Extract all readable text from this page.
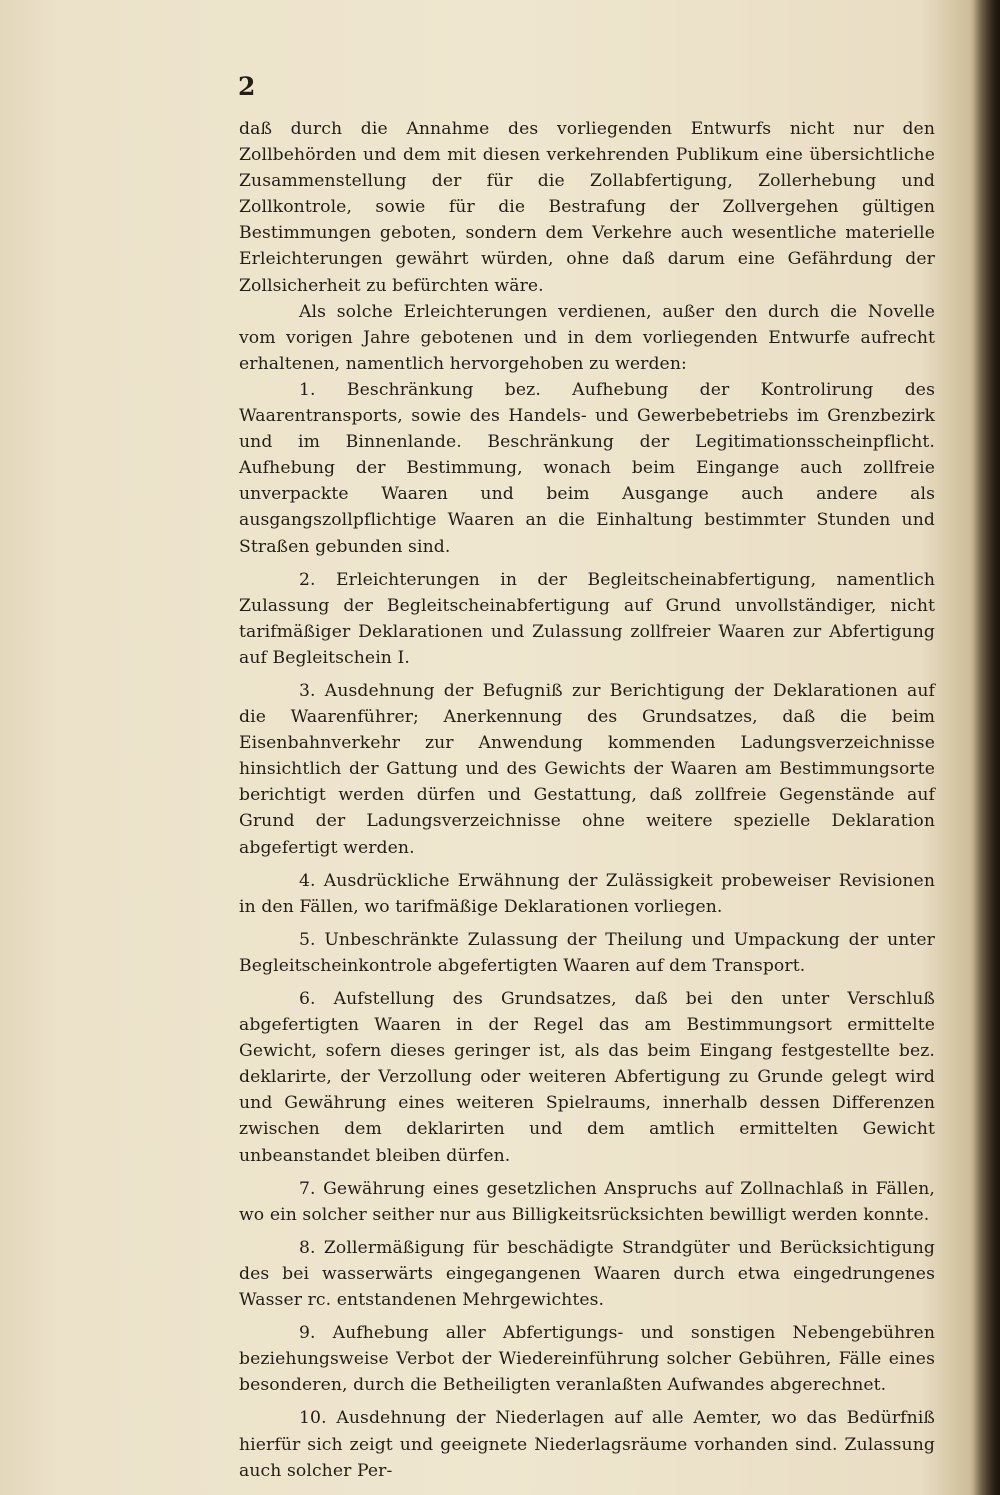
2

daß durch die Annahme des vorliegenden Entwurfs nicht nur den Zollbehörden und dem mit diesen verkehrenden Publikum eine übersichtliche Zusammenstellung der für die Zollabfertigung, Zollerhebung und Zollkontrole, sowie für die Bestrafung der Zollvergehen gültigen Bestimmungen geboten, sondern dem Verkehre auch wesentliche materielle Erleichterungen gewährt würden, ohne daß darum eine Gefährdung der Zollsicherheit zu befürchten wäre.

Als solche Erleichterungen verdienen, außer den durch die Novelle vom vorigen Jahre gebotenen und in dem vorliegenden Entwurfe aufrecht erhaltenen, namentlich hervorgehoben zu werden:

1. Beschränkung bez. Aufhebung der Kontrolirung des Waarentransports, sowie des Handels- und Gewerbebetriebs im Grenzbezirk und im Binnenlande. Beschränkung der Legitimationsscheinpflicht. Aufhebung der Bestimmung, wonach beim Eingange auch zollfreie unverpackte Waaren und beim Ausgange auch andere als ausgangszollpflichtige Waaren an die Einhaltung bestimmter Stunden und Straßen gebunden sind.

2. Erleichterungen in der Begleitscheinabfertigung, namentlich Zulassung der Begleitscheinabfertigung auf Grund unvollständiger, nicht tarifmäßiger Deklarationen und Zulassung zollfreier Waaren zur Abfertigung auf Begleitschein I.

3. Ausdehnung der Befugniß zur Berichtigung der Deklarationen auf die Waarenführer; Anerkennung des Grundsatzes, daß die beim Eisenbahnverkehr zur Anwendung kommenden Ladungsverzeichnisse hinsichtlich der Gattung und des Gewichts der Waaren am Bestimmungsorte berichtigt werden dürfen und Gestattung, daß zollfreie Gegenstände auf Grund der Ladungsverzeichnisse ohne weitere spezielle Deklaration abgefertigt werden.

4. Ausdrückliche Erwähnung der Zulässigkeit probeweiser Revisionen in den Fällen, wo tarifmäßige Deklarationen vorliegen.

5. Unbeschränkte Zulassung der Theilung und Umpackung der unter Begleitscheinkontrole abgefertigten Waaren auf dem Transport.

6. Aufstellung des Grundsatzes, daß bei den unter Verschluß abgefertigten Waaren in der Regel das am Bestimmungsort ermittelte Gewicht, sofern dieses geringer ist, als das beim Eingang festgestellte bez. deklarirte, der Verzollung oder weiteren Abfertigung zu Grunde gelegt wird und Gewährung eines weiteren Spielraums, innerhalb dessen Differenzen zwischen dem deklarirten und dem amtlich ermittelten Gewicht unbeanstandet bleiben dürfen.

7. Gewährung eines gesetzlichen Anspruchs auf Zollnachlaß in Fällen, wo ein solcher seither nur aus Billigkeitsrücksichten bewilligt werden konnte.

8. Zollermäßigung für beschädigte Strandgüter und Berücksichtigung des bei wasserwärts eingegangenen Waaren durch etwa eingedrungenes Wasser rc. entstandenen Mehrgewichtes.

9. Aufhebung aller Abfertigungs- und sonstigen Nebengebühren beziehungsweise Verbot der Wiedereinführung solcher Gebühren, Fälle eines besonderen, durch die Betheiligten veranlaßten Aufwandes abgerechnet.

10. Ausdehnung der Niederlagen auf alle Aemter, wo das Bedürfniß hierfür sich zeigt und geeignete Niederlagsräume vorhanden sind. Zulassung auch solcher Per-
